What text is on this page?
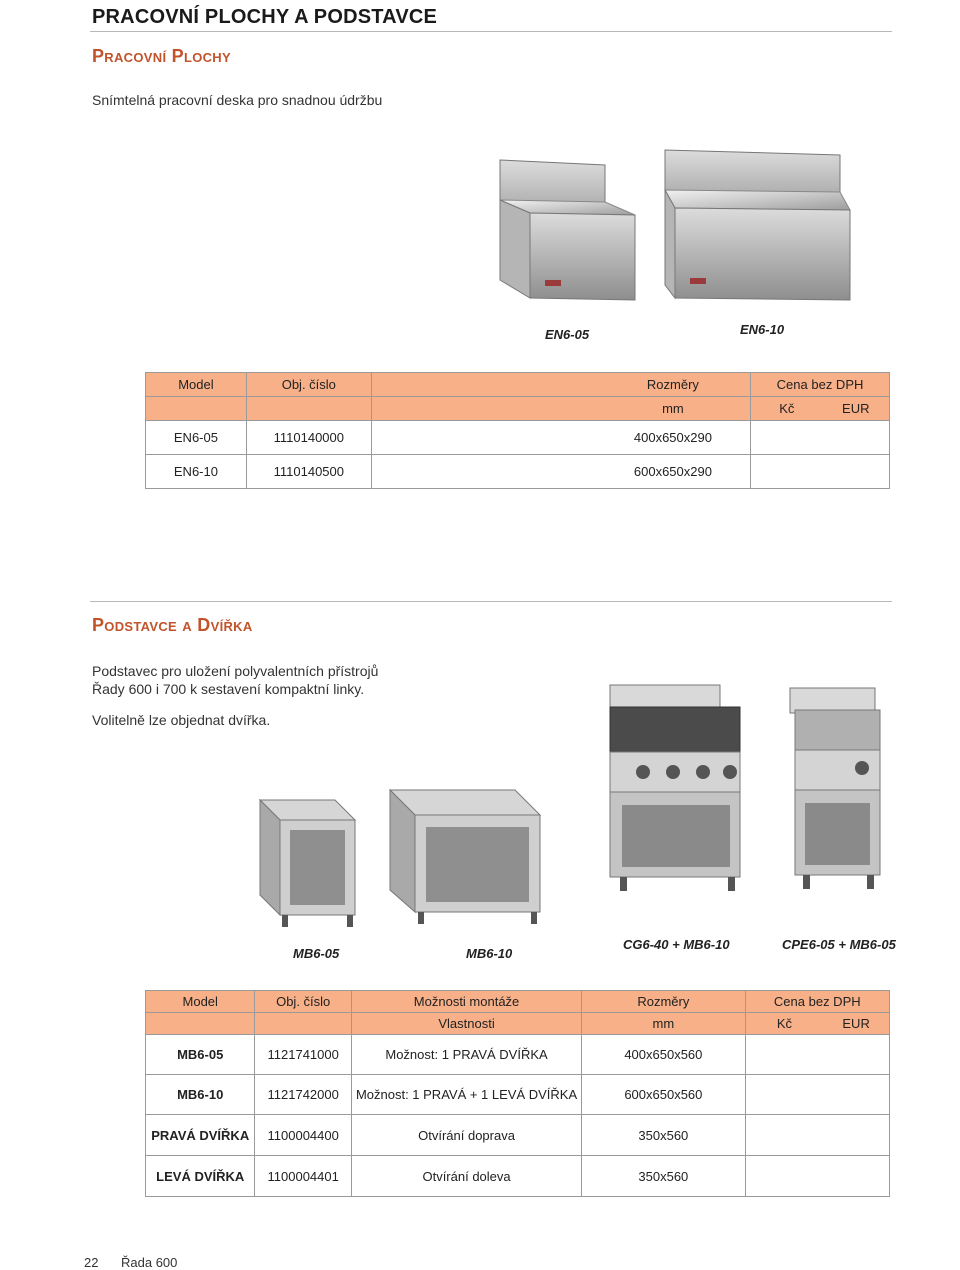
PRACOVNÍ PLOCHY A PODSTAVCE
Pracovní Plochy
Snímtelná pracovní deska pro snadnou údržbu
EN6-05	EN6-10
Model	Obj. číslo		Rozměry	Cena bez DPH	
			mm	Kč	EUR
EN6-05	1110140000		400x650x290		
EN6-10	1110140500		600x650x290		
Podstavce a Dvířka
Podstavec pro uložení polyvalentních přístrojů
Řady 600 i 700 k sestavení kompaktní linky.
Volitelně lze objednat dvířka.
MB6-05	MB6-10
CG6-40 + MB6-10	CPE6-05 + MB6-05
Model	Obj. číslo	Možnosti montáže	Rozměry	Cena bez DPH	
		Vlastnosti	mm	Kč	EUR
MB6-05	1121741000	Možnost: 1 PRAVÁ DVÍŘKA	400x650x560		
MB6-10	1121742000	Možnost: 1 PRAVÁ + 1 LEVÁ DVÍŘKA	600x650x560		
PRAVÁ DVÍŘKA	1100004400	Otvírání doprava	350x560		
LEVÁ DVÍŘKA	1100004401	Otvírání doleva	350x560		
22 Řada 600
